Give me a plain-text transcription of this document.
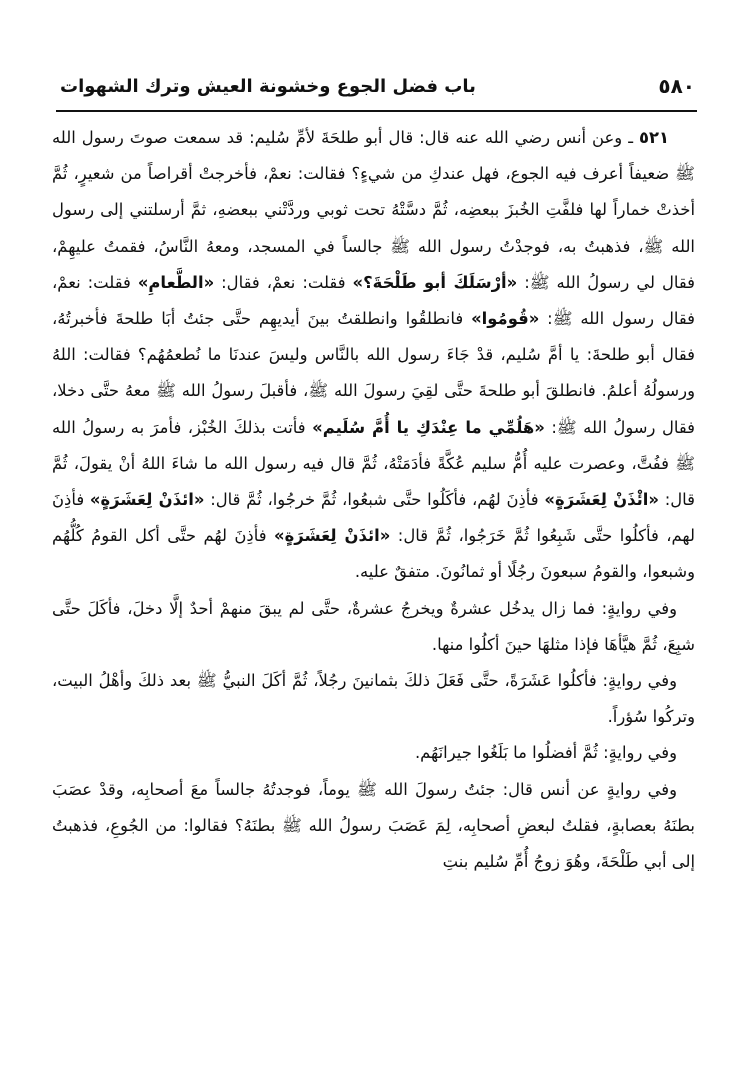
٥٨٠
باب فضل الجوع وخشونة العيش وترك الشهوات

٥٢١ ـ وعن أنس رضي الله عنه قال: قال أبو طلحَةَ لأمِّ سُليم: قد سمعت صوتَ رسول الله ﷺ ضعيفاً أعرف فيه الجوع، فهل عندكِ من شيءٍ؟ فقالت: نعمْ، فأخرجتْ أقراصاً من شعيرٍ، ثُمَّ أخذتْ خماراً لها فلفَّتِ الخُبزَ ببعضِه، ثُمَّ دسَّتْهُ تحت ثوبي وردَّتْني ببعضهِ، ثمَّ أرسلتني إلى رسول الله ﷺ، فذهبتُ به، فوجدْتُ رسول الله ﷺ جالساً في المسجد، ومعهُ النَّاسُ، فقمتُ عليهِمْ، فقال لي رسولُ الله ﷺ: «أرْسَلَكَ أبو طَلْحَةَ؟» فقلت: نعمْ، فقال: «الطَّعامِ» فقلت: نعمْ، فقال رسول الله ﷺ: «قُومُوا» فانطلقُوا وانطلقتُ بينَ أيديهِم حتَّى جئتُ أبَا طلحةَ فأخبرتُهُ، فقال أبو طلحةَ: يا أمَّ سُليم، قدْ جَاءَ رسول الله بالنَّاس وليسَ عندنَا ما نُطعمُهُم؟ فقالت: اللهُ ورسولُهُ أعلمُ. فانطلقَ أبو طلحةَ حتَّى لقِيَ رسولَ الله ﷺ، فأقبلَ رسولُ الله ﷺ معهُ حتَّى دخلا، فقال رسولُ الله ﷺ: «هَلُمِّي ما عِنْدَكِ يا أُمَّ سُلَيم» فأتت بذلكَ الخُبْز، فأمرَ به رسولُ الله ﷺ ففُتَّ، وعصرت عليه أُمُّ سليم عُكَّةً فأدَمَتْهُ، ثُمَّ قال فيه رسول الله ما شاءَ اللهُ أنْ يقولَ، ثُمَّ قال: «ائْذَنْ لِعَشَرَةٍ» فأذِنَ لهُم، فأكَلُوا حتَّى شبعُوا، ثُمَّ خرجُوا، ثُمَّ قال: «ائذَنْ لِعَشَرَةٍ» فأذِنَ لهم، فأكلُوا حتَّى شَبِعُوا ثُمَّ خَرَجُوا، ثُمَّ قال: «ائذَنْ لِعَشَرَةٍ» فأذِنَ لهُم حتَّى أكل القومُ كُلُّهُم وشبعوا، والقومُ سبعونَ رجُلًا أو ثمانُونَ. متفقٌ عليه.

وفي روايةٍ: فما زال يدخُل عشرةٌ ويخرجُ عشرةٌ، حتَّى لم يبقَ منهمْ أحدٌ إلَّا دخلَ، فأكَلَ حتَّى شبِعَ، ثُمَّ هيَّأهَا فإذا مثلهَا حينَ أكلُوا منها.

وفي روايةٍ: فأكلُوا عَشَرَةً، حتَّى فَعَلَ ذلكَ بثمانينَ رجُلاً، ثُمَّ أكَلَ النبيُّ ﷺ بعد ذلكَ وأهْلُ البيت، وتركُوا سُؤراً.

وفي روايةٍ: ثُمَّ أفضلُوا ما بَلَغُوا جيرانَهُم.

وفي روايةٍ عن أنس قال: جئتُ رسولَ الله ﷺ يوماً، فوجدتُهُ جالساً معَ أصحابِه، وقدْ عصَبَ بطنَهُ بعصابةٍ، فقلتُ لبعضِ أصحابِه، لِمَ عَصَبَ رسولُ الله ﷺ بطنَهُ؟ فقالوا: من الجُوعِ، فذهبتُ إلى أبي طَلْحَةَ، وهُوَ زوجُ أُمِّ سُليم بنتِ
